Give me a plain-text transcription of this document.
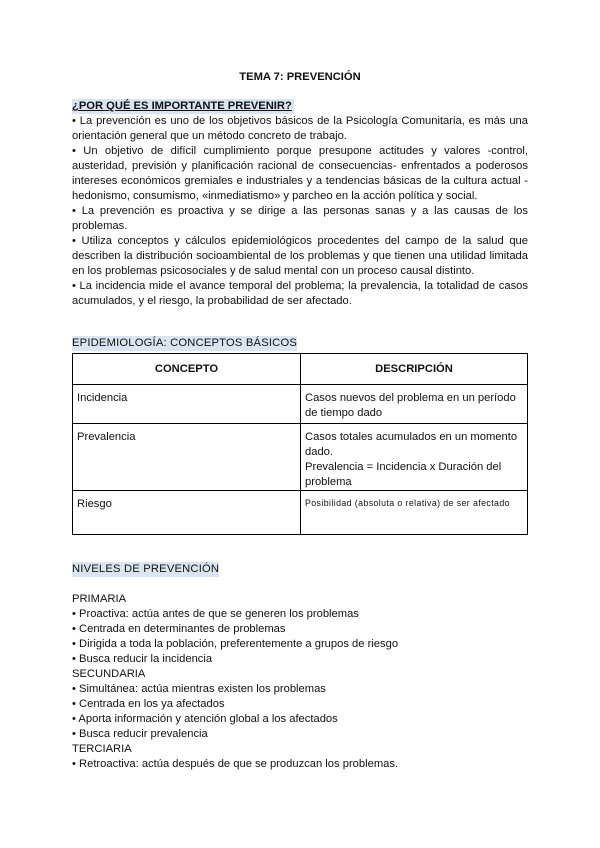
TEMA 7: PREVENCIÓN
¿POR QUÉ ES IMPORTANTE PREVENIR?

• La prevención es uno de los objetivos básicos de la Psicología Comunitaria, es más una orientación general que un método concreto de trabajo.

• Un objetivo de difícil cumplimiento porque presupone actitudes y valores -control, austeridad, previsión y planificación racional de consecuencias- enfrentados a poderosos intereses económicos gremiales e industriales y a tendencias básicas de la cultura actual - hedonismo, consumismo, «inmediatismo» y parcheo en la acción política y social.

• La prevención es proactiva y se dirige a las personas sanas y a las causas de los problemas.

• Utiliza conceptos y cálculos epidemiológicos procedentes del campo de la salud que describen la distribución socioambiental de los problemas y que tienen una utilidad limitada en los problemas psicosociales y de salud mental con un proceso causal distinto.

• La incidencia mide el avance temporal del problema; la prevalencia, la totalidad de casos acumulados, y el riesgo, la probabilidad de ser afectado.

EPIDEMIOLOGÍA: CONCEPTOS BÁSICOS
CONCEPTO	DESCRIPCIÓN
Incidencia	Casos nuevos del problema en un período de tiempo dado
Prevalencia	Casos totales acumulados en un momento dado.
Prevalencia = Incidencia x Duración del problema

Riesgo	Posibilidad (absoluta o relativa) de ser afectado
NIVELES DE PREVENCIÓN

PRIMARIA

• Proactiva: actúa antes de que se generen los problemas

• Centrada en determinantes de problemas

• Dirigida a toda la población, preferentemente a grupos de riesgo

• Busca reducir la incidencia

SECUNDARIA

• Simultánea: actúa mientras existen los problemas

• Centrada en los ya afectados

• Aporta información y atención global a los afectados

• Busca reducir prevalencia

TERCIARIA

• Retroactiva: actúa después de que se produzcan los problemas.
